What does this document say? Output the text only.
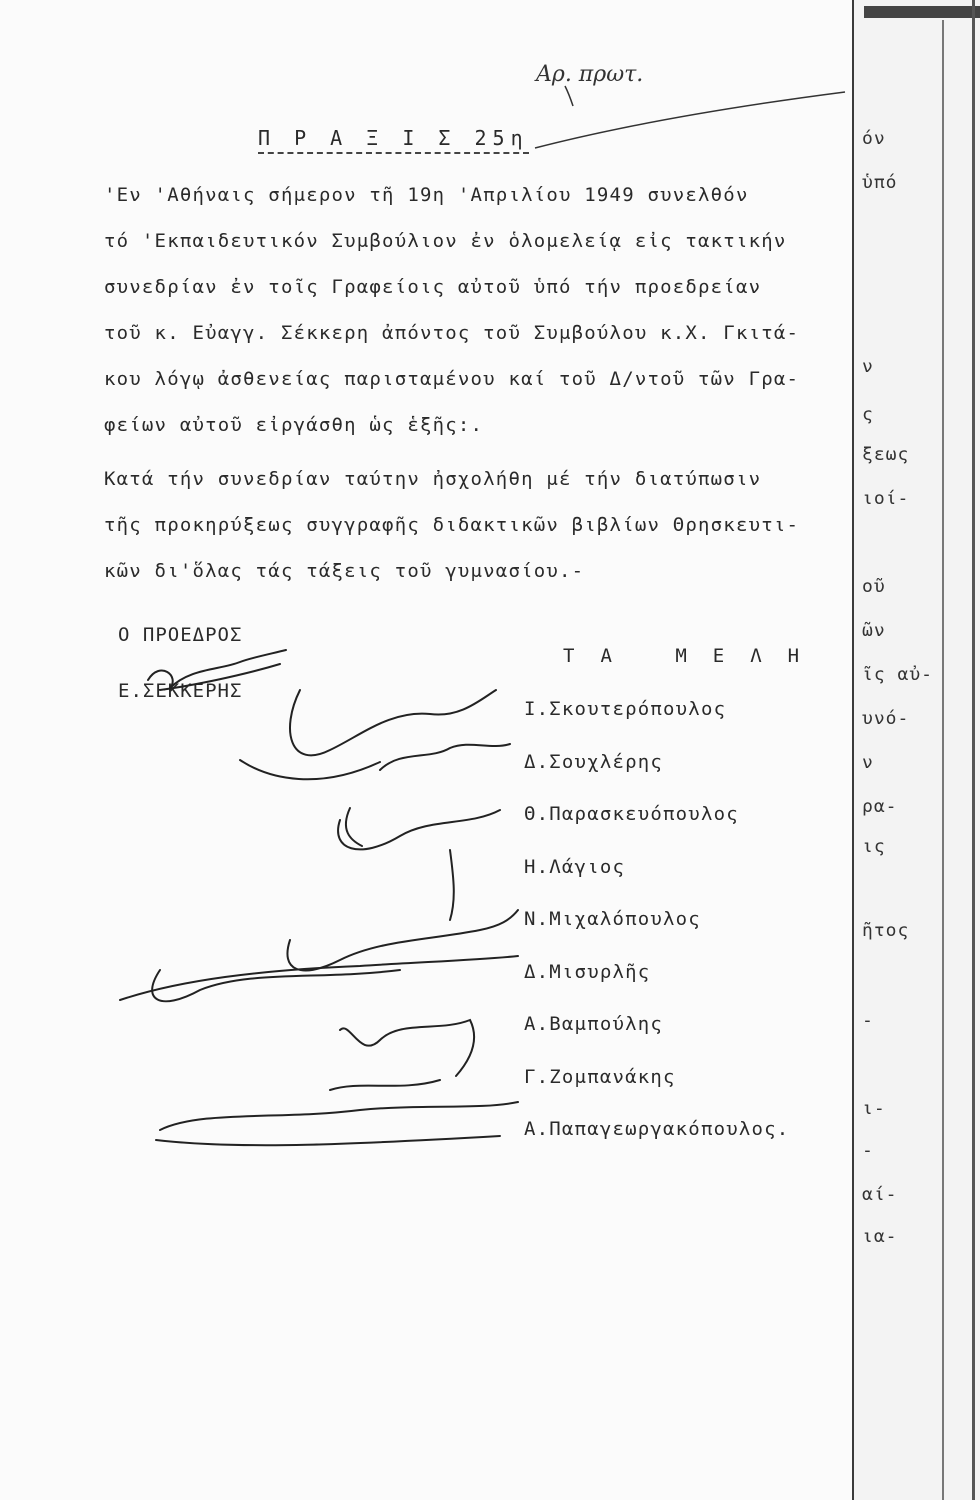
όν
ὑπό
ν
ς
ξεως
ιοί-
οῦ
ῶν
ῖς αὐ-
υνό-
ν
ρα-
ις
ῆτος
-
ι-
-
αί-
ια-
Αρ. πρωτ.
Π Ρ Α Ξ Ι Σ 25η
'Εν 'Αθήναις σήμερον τῆ 19η 'Απριλίου 1949 συνελθόν
τό 'Εκπαιδευτικόν Συμβούλιον ἐν ὁλομελείᾳ εἰς τακτικήν
συνεδρίαν ἐν τοῖς Γραφείοις αὐτοῦ ὑπό τήν προεδρείαν
τοῦ κ. Εὐαγγ. Σέκκερη ἀπόντος τοῦ Συμβούλου κ.Χ. Γκιτά-
κου λόγῳ ἀσθενείας παρισταμένου καί τοῦ Δ/ντοῦ τῶν Γρα-
φείων αὐτοῦ εἰργάσθη ὡς ἑξῆς:.
Κατά τήν συνεδρίαν ταύτην ἠσχολήθη μέ τήν διατύπωσιν
τῆς προκηρύξεως συγγραφῆς διδακτικῶν βιβλίων Θρησκευτι-
κῶν δι'ὅλας τάς τάξεις τοῦ γυμνασίου.-
Ο ΠΡΟΕΔΡΟΣ
Ε.ΣΕΚΚΕΡΗΣ
ΤΑ ΜΕΛΗ
Ι.Σκουτερόπουλος
Δ.Σουχλέρης
Θ.Παρασκευόπουλος
Η.Λάγιος
Ν.Μιχαλόπουλος
Δ.Μισυρλῆς
Α.Βαμπούλης
Γ.Ζομπανάκης
Α.Παπαγεωργακόπουλος.
